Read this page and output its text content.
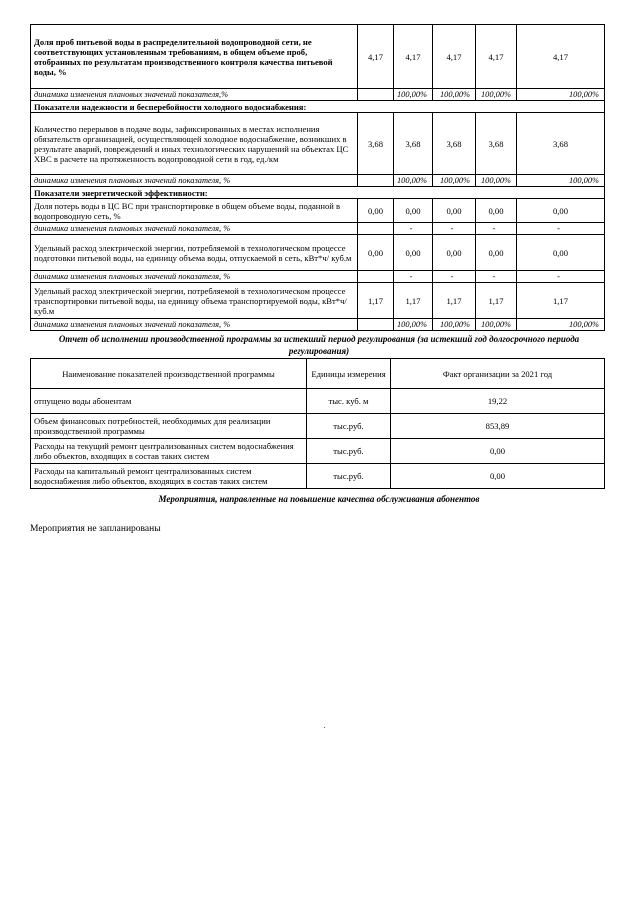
Доля проб питьевой воды в распределительной водопроводной сети, не соответствующих установленным требованиям, в общем объеме проб, отобранных по результатам производственного контроля качества питьевой воды, %	4,17	4,17	4,17	4,17	4,17
динамика изменения плановых значений показателя,%		100,00%	100,00%	100,00%	100,00%
Показатели надежности и бесперебойности холодного водоснабжения:					
Количество перерывов в подаче воды, зафиксированных в местах исполнения обязательств организацией, осуществляющей холодное водоснабжение, возникших в результате аварий, повреждений и иных технологических нарушений на объектах ЦС ХВС в расчете на протяженность водопроводной сети в год, ед./км	3,68	3,68	3,68	3,68	3,68
динамика изменения плановых значений показателя, %		100,00%	100,00%	100,00%	100,00%
Показатели энергетической эффективности:					
Доля потерь воды в ЦС ВС при транспортировке в общем объеме воды, поданной в водопроводную сеть, %	0,00	0,00	0,00	0,00	0,00
динамика изменения плановых значений показателя, %		-	-	-	-
Удельный расход электрической энергии, потребляемой в технологическом процессе подготовки питьевой воды, на единицу объема воды, отпускаемой в сеть, кВт*ч/ куб.м	0,00	0,00	0,00	0,00	0,00
динамика изменения плановых значений показателя, %		-	-	-	-
Удельный расход электрической энергии, потребляемой в технологическом процессе транспортировки питьевой воды, на единицу объема транспортируемой воды, кВт*ч/ куб.м	1,17	1,17	1,17	1,17	1,17
динамика изменения плановых значений показателя, %		100,00%	100,00%	100,00%	100,00%
Отчет об исполнении производственной программы за истекший период регулирования (за истекший год долгосрочного периода регулирования)
Наименование показателей производственной программы	Единицы измерения	Факт организации за 2021 год
отпущено воды абонентам	тыс. куб. м	19,22
Объем финансовых потребностей, необходимых для реализации производственной программы	тыс.руб.	853,89
Расходы на текущий ремонт централизованных систем водоснабжения либо объектов, входящих в состав таких систем	тыс.руб.	0,00
Расходы на капитальный ремонт централизованных систем водоснабжения либо объектов, входящих в состав таких систем	тыс.руб.	0,00
Мероприятия, направленные на повышение качества обслуживания абонентов
Мероприятия не запланированы
